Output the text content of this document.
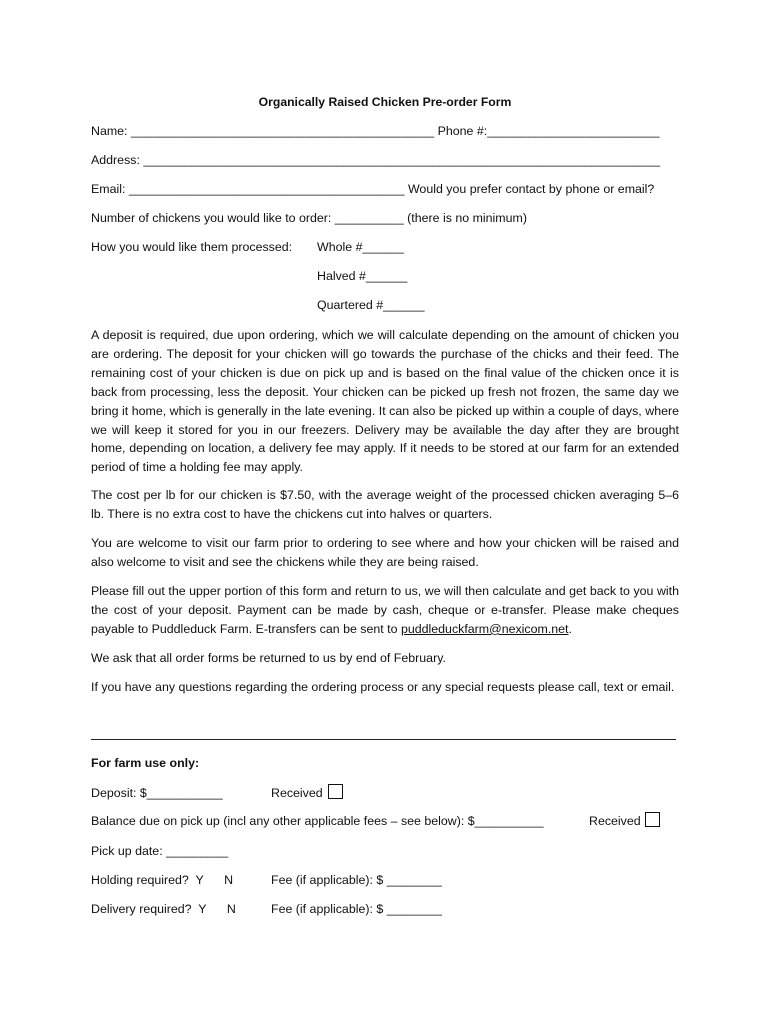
Organically Raised Chicken Pre-order Form
Name: ____________________________________________ Phone #:_________________________
Address: ___________________________________________________________________________
Email: ________________________________________ Would you prefer contact by phone or email?
Number of chickens you would like to order: __________ (there is no minimum)
How you would like them processed: Whole #______
Halved #______
Quartered #______
A deposit is required, due upon ordering, which we will calculate depending on the amount of chicken you are ordering. The deposit for your chicken will go towards the purchase of the chicks and their feed. The remaining cost of your chicken is due on pick up and is based on the final value of the chicken once it is back from processing, less the deposit. Your chicken can be picked up fresh not frozen, the same day we bring it home, which is generally in the late evening. It can also be picked up within a couple of days, where we will keep it stored for you in our freezers. Delivery may be available the day after they are brought home, depending on location, a delivery fee may apply. If it needs to be stored at our farm for an extended period of time a holding fee may apply.
The cost per lb for our chicken is $7.50, with the average weight of the processed chicken averaging 5–6 lb. There is no extra cost to have the chickens cut into halves or quarters.
You are welcome to visit our farm prior to ordering to see where and how your chicken will be raised and also welcome to visit and see the chickens while they are being raised.
Please fill out the upper portion of this form and return to us, we will then calculate and get back to you with the cost of your deposit. Payment can be made by cash, cheque or e-transfer. Please make cheques payable to Puddleduck Farm. E-transfers can be sent to puddleduckfarm@nexicom.net.
We ask that all order forms be returned to us by end of February.
If you have any questions regarding the ordering process or any special requests please call, text or email.
For farm use only:
Deposit: $___________	Received
Balance due on pick up (incl any other applicable fees – see below): $__________	Received
Pick up date: _________
Holding required?  Y      N	Fee (if applicable): $ ________
Delivery required?  Y      N	Fee (if applicable): $ ________
